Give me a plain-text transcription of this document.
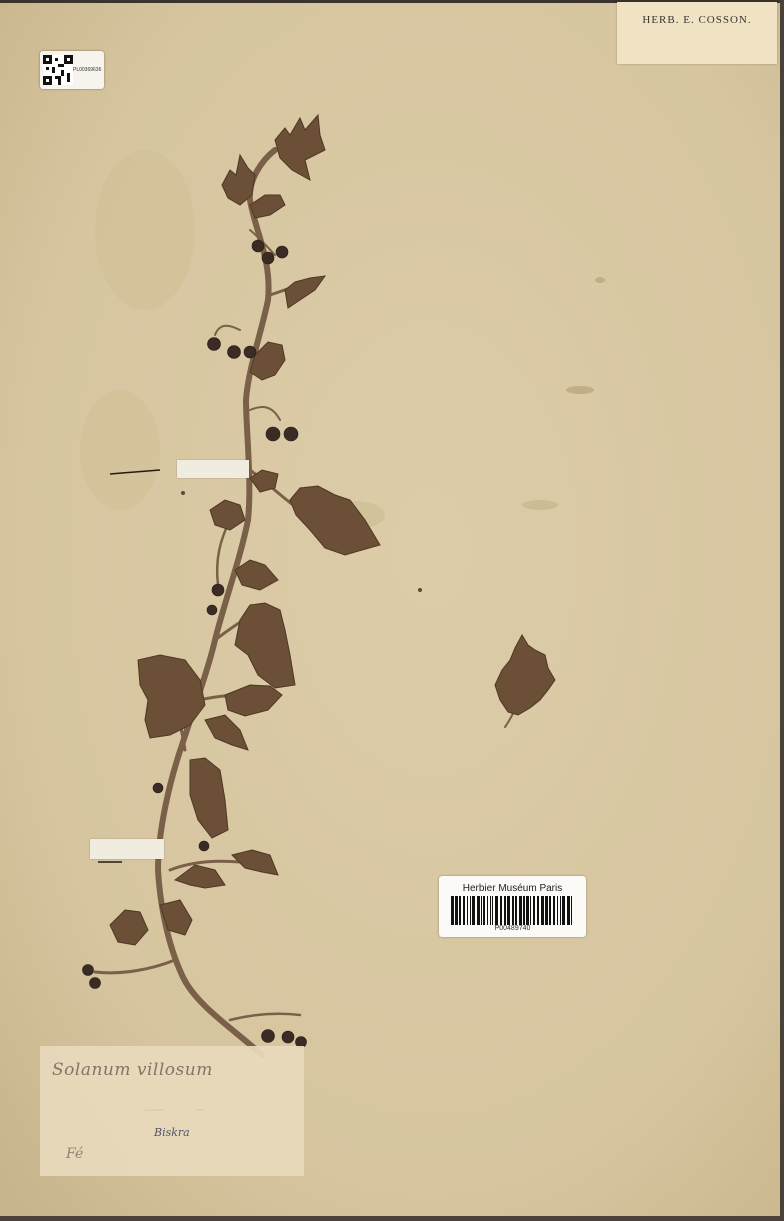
HERB. E. COSSON.
PL00369636
Herbier Muséum Paris
P00489740
Solanum villosum
Biskra
Fé
